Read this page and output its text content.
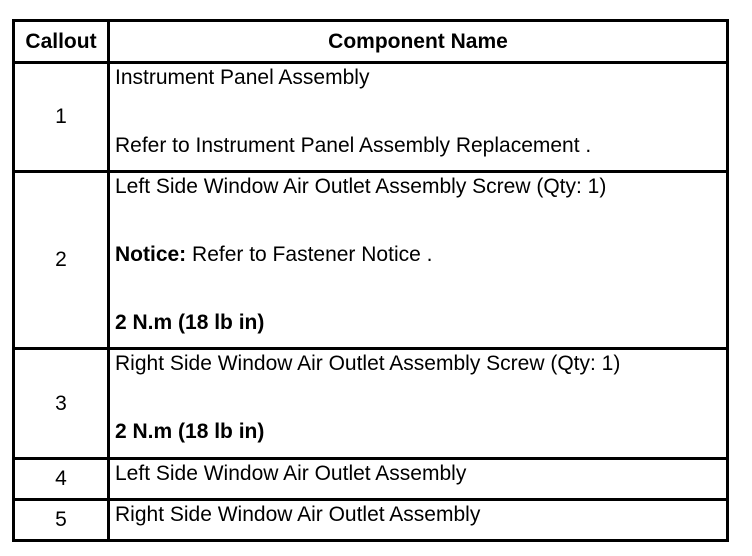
Callout	Component Name
1	Instrument Panel Assembly

Refer to Instrument Panel Assembly Replacement .

2	Left Side Window Air Outlet Assembly Screw (Qty: 1)

Notice: Refer to Fastener Notice .

2 N.m (18 lb in)

3	Right Side Window Air Outlet Assembly Screw (Qty: 1)

2 N.m (18 lb in)

4	Left Side Window Air Outlet Assembly

5	Right Side Window Air Outlet Assembly
